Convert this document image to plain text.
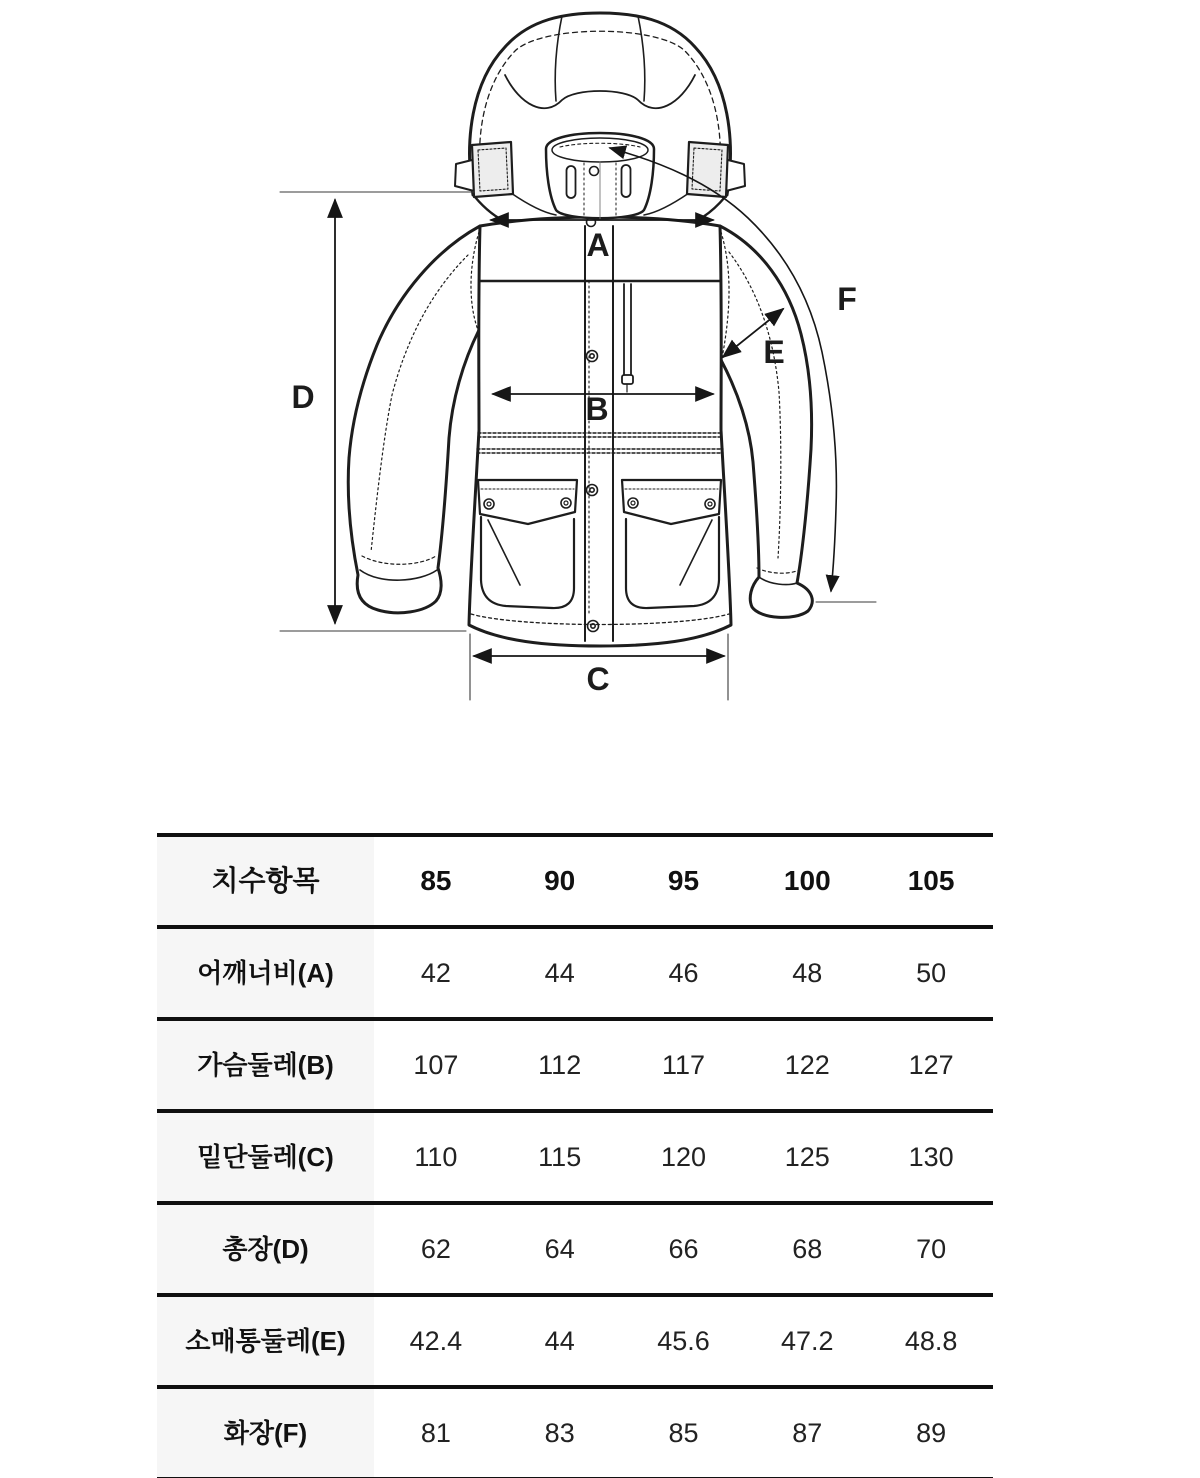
A
B
C
D
E
F
치수항목	85	90	95	100	105
어깨너비(A)	42	44	46	48	50
가슴둘레(B)	107	112	117	122	127
밑단둘레(C)	110	115	120	125	130
총장(D)	62	64	66	68	70
소매통둘레(E)	42.4	44	45.6	47.2	48.8
화장(F)	81	83	85	87	89
